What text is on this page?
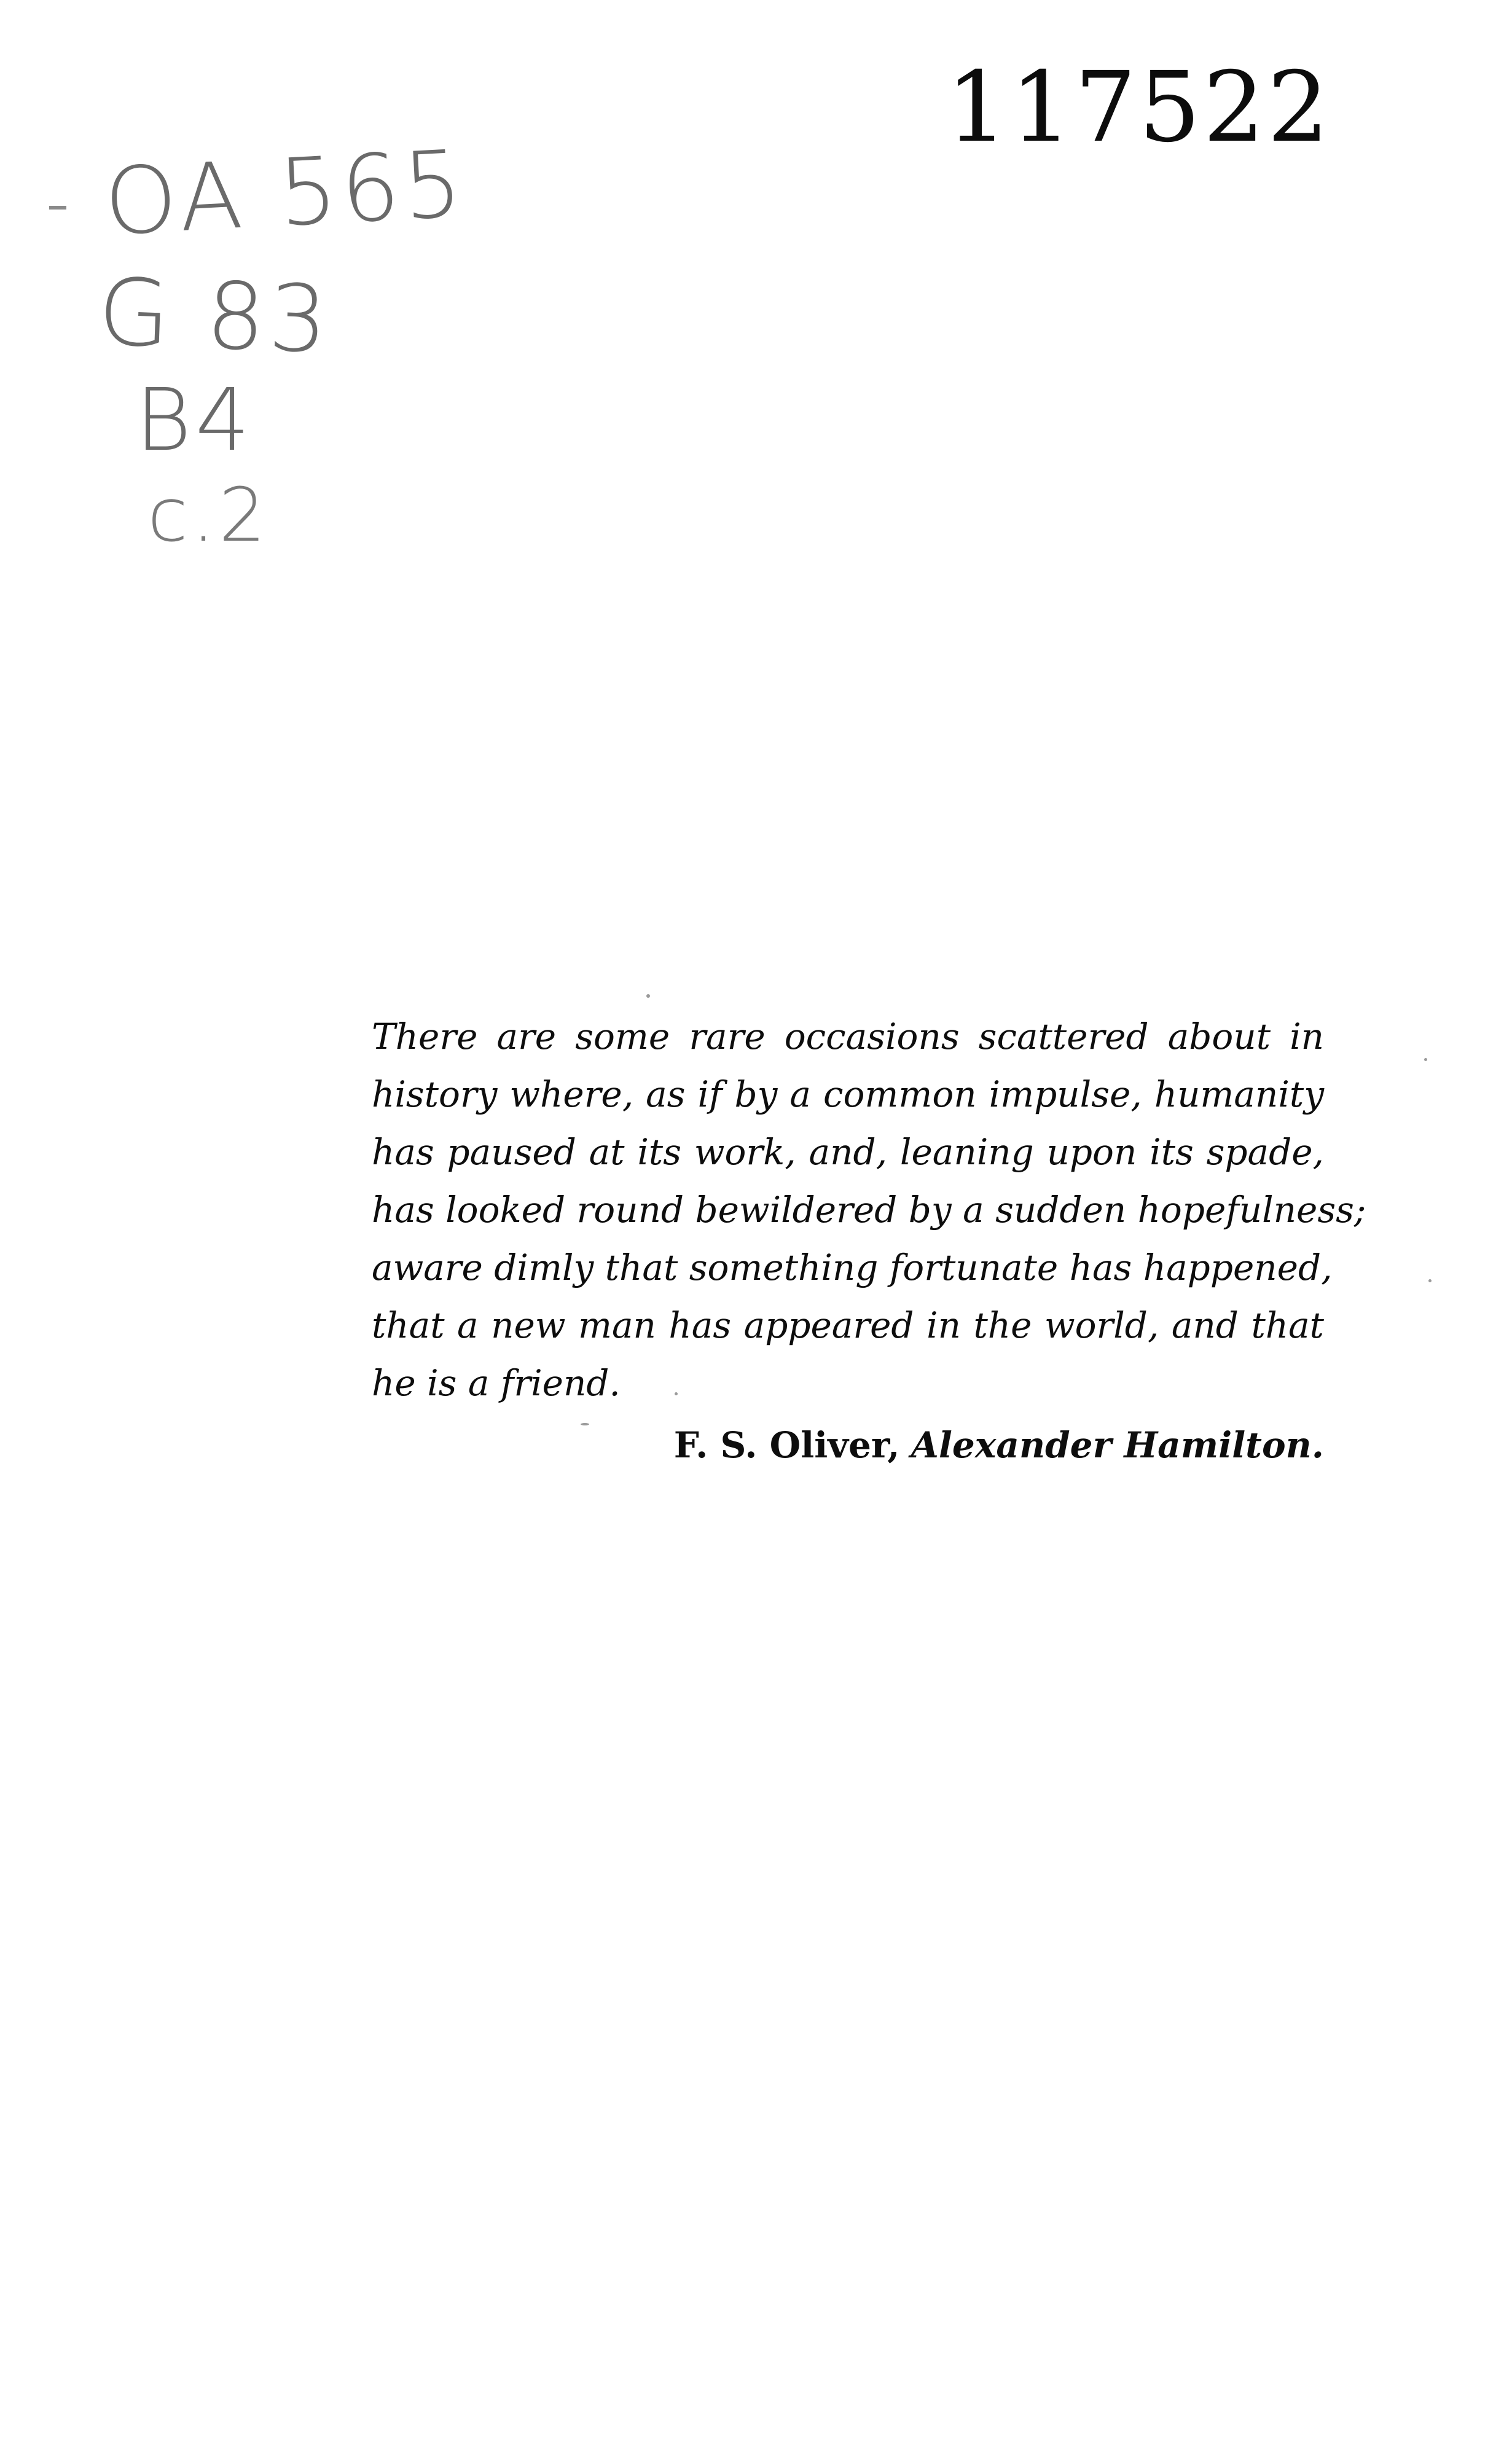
117522
OA 565
G 83
B4
c.2
There are some rare occasions scattered about in
history where, as if by a common impulse, humanity
has paused at its work, and, leaning upon its spade,
has looked round bewildered by a sudden hopefulness;
aware dimly that something fortunate has happened,
that a new man has appeared in the world, and that
he is a friend.
F. S. Oliver, Alexander Hamilton.
